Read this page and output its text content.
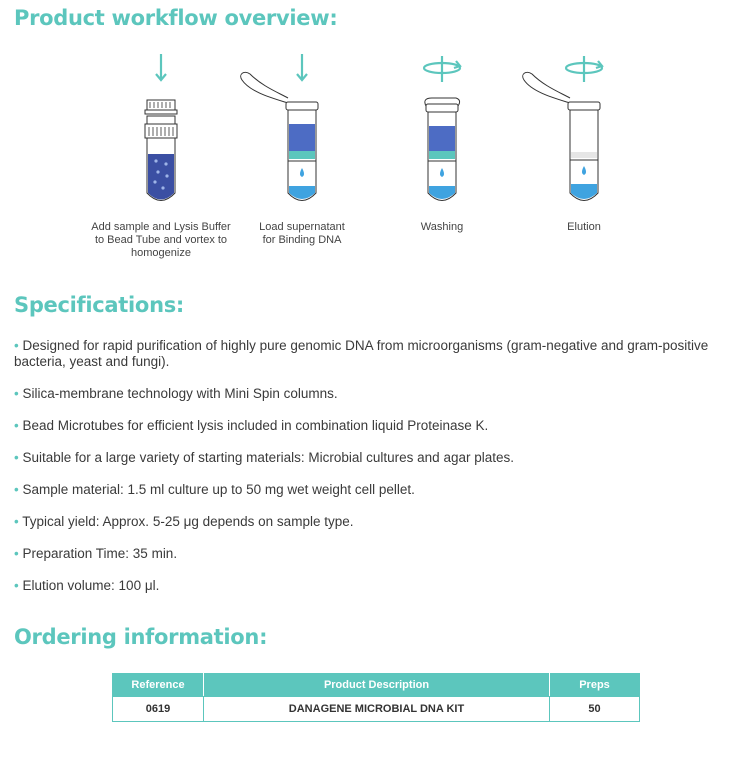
Product workflow overview:
Add sample and Lysis Buffer to Bead Tube and vortex to homogenize
Load supernatant for Binding DNA
Washing	Elution
Specifications:

• Designed for rapid purification of highly pure genomic DNA from microorganisms (gram-negative and gram-positive bacteria, yeast and fungi).

• Silica-membrane technology with Mini Spin columns.

• Bead Microtubes for efficient lysis included in combination liquid Proteinase K.

• Suitable for a large variety of starting materials: Microbial cultures and agar plates.

• Sample material: 1.5 ml culture up to 50 mg wet weight cell pellet.

• Typical yield: Approx. 5-25 μg depends on sample type.

• Preparation Time: 35 min.

• Elution volume: 100 μl.

Ordering information:
Reference	Product Description	Preps
0619	DANAGENE MICROBIAL DNA KIT	50
